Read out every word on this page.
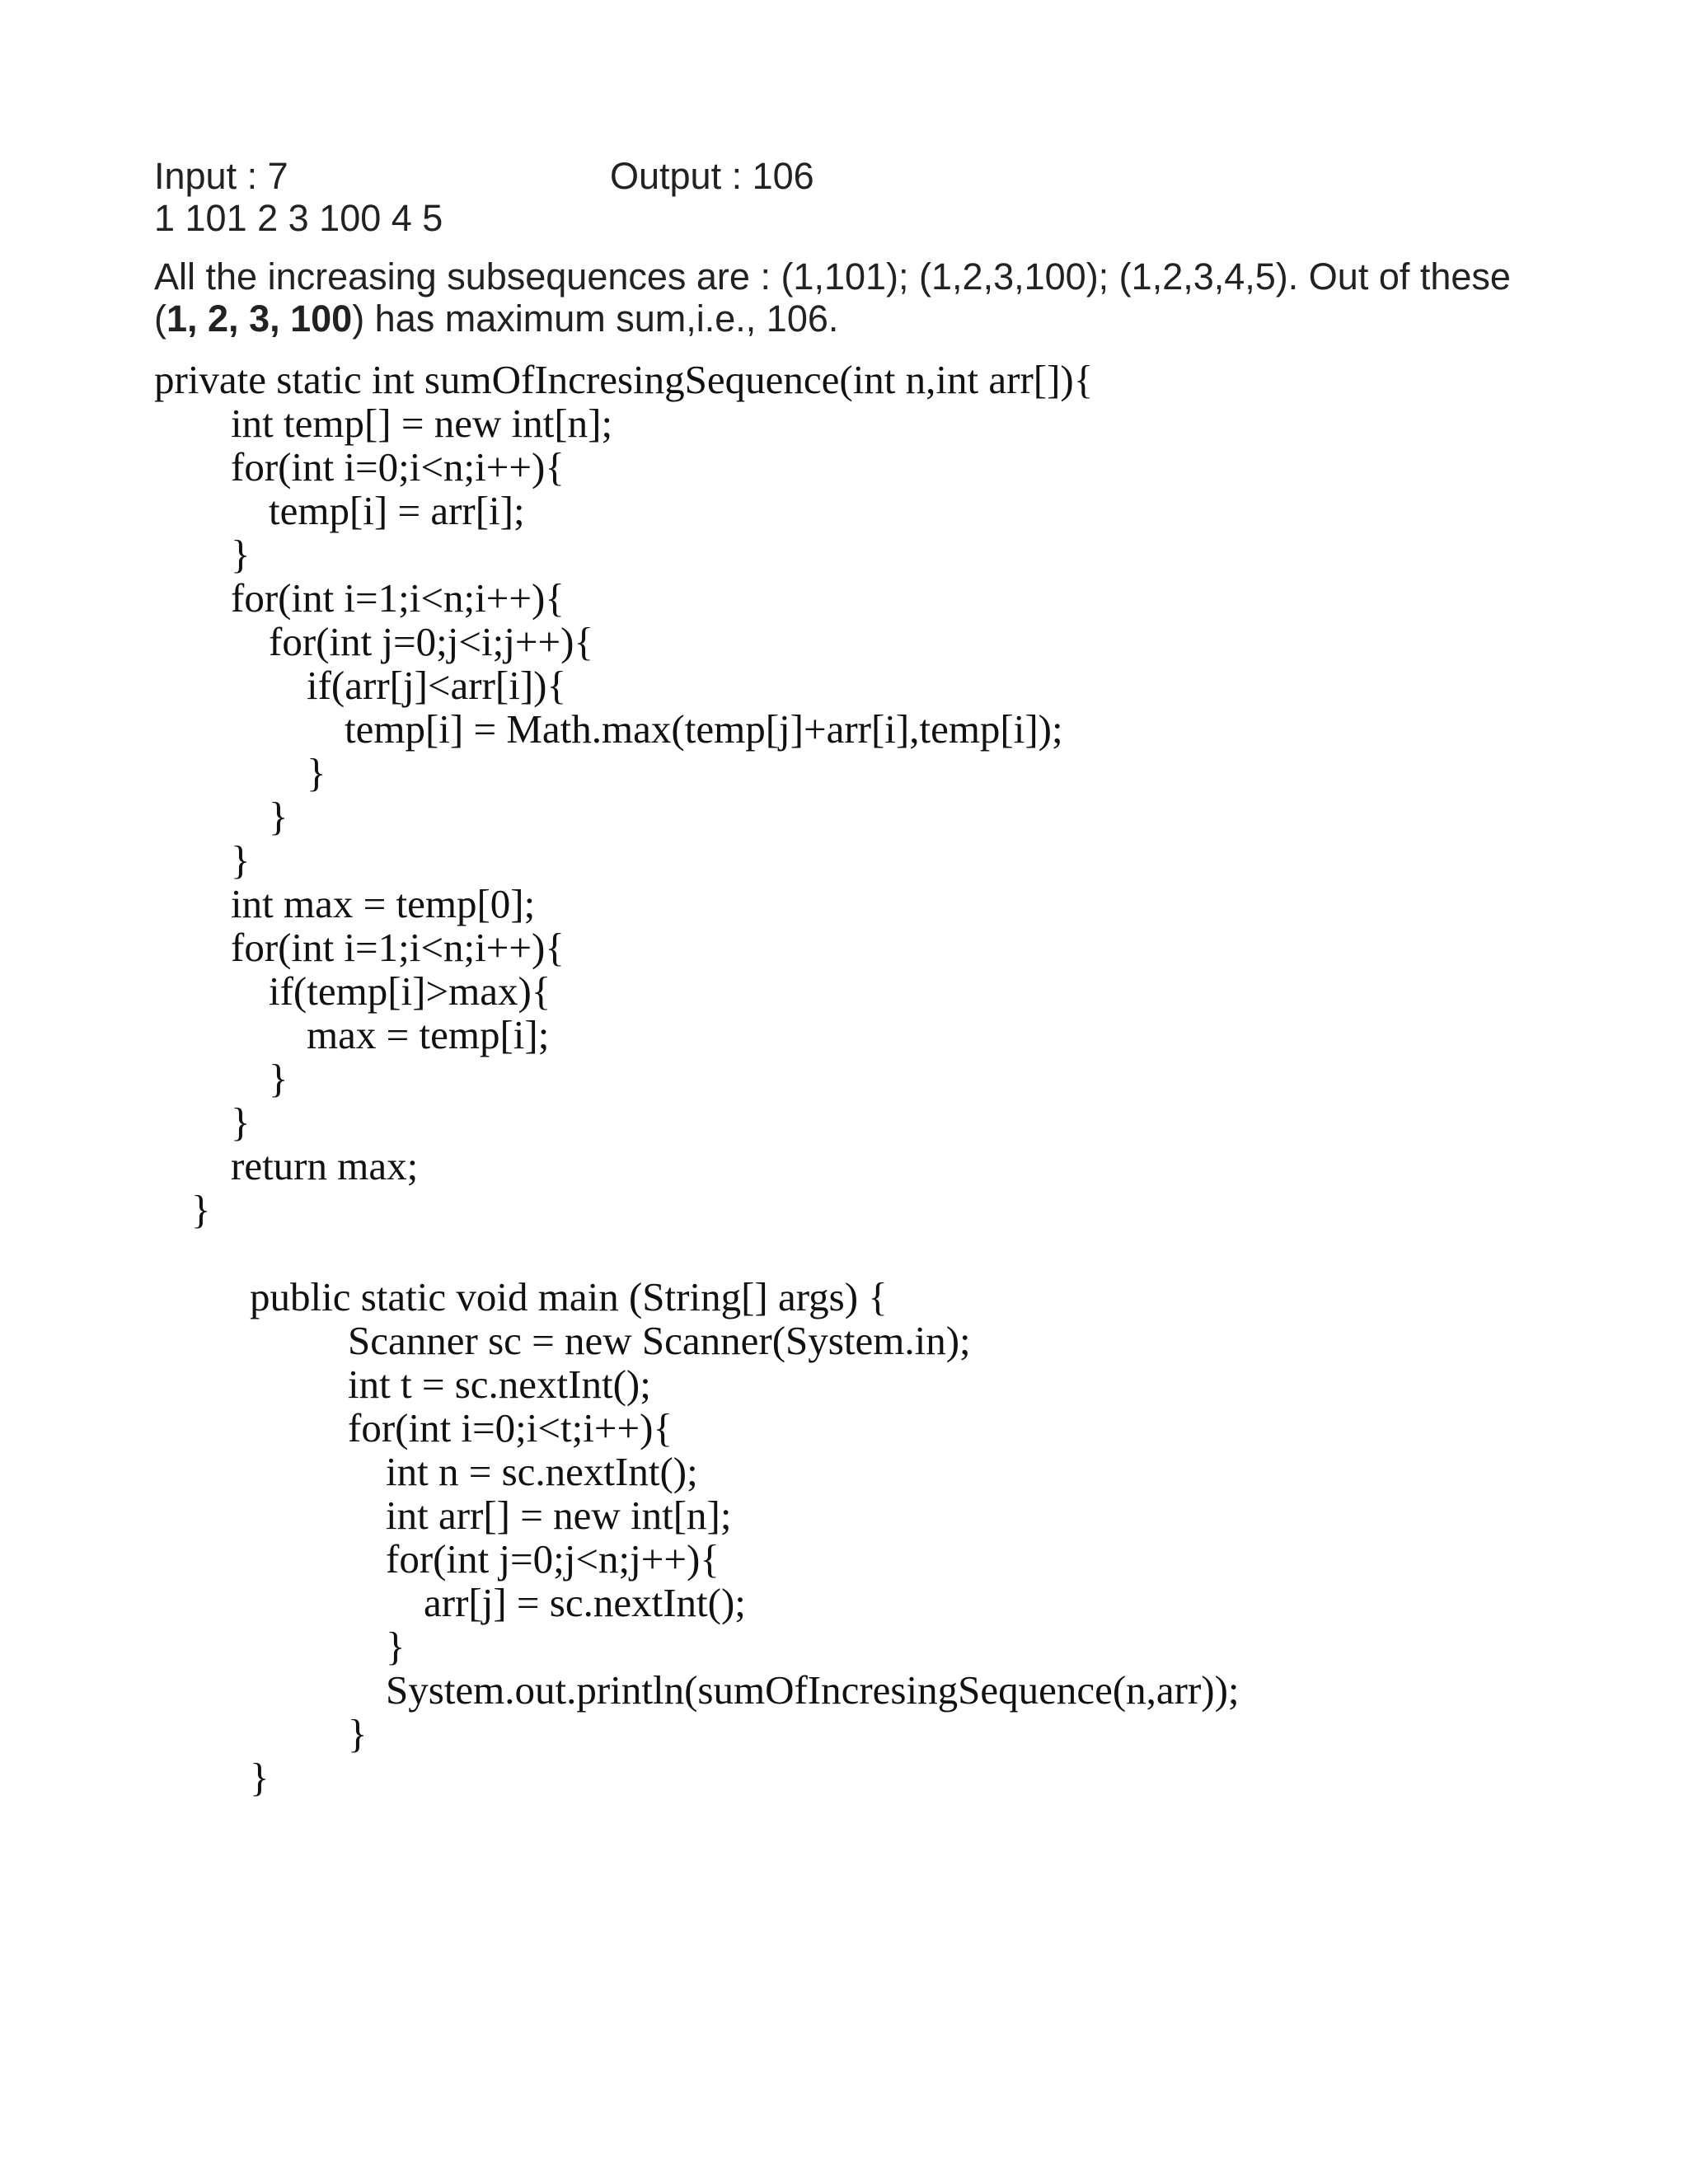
Input : 7	Output : 106
1 101 2 3 100 4 5
All the increasing subsequences are : (1,101); (1,2,3,100); (1,2,3,4,5). Out of these
(1, 2, 3, 100) has maximum sum,i.e., 106.

private static int sumOfIncresingSequence(int n,int arr[]){

int temp[] = new int[n];

for(int i=0;i<n;i++){

temp[i] = arr[i];

}

for(int i=1;i<n;i++){

for(int j=0;j<i;j++){

if(arr[j]<arr[i]){

temp[i] = Math.max(temp[j]+arr[i],temp[i]);

}

}

}

int max = temp[0];

for(int i=1;i<n;i++){

if(temp[i]>max){

max = temp[i];

}

}

return max;

}

public static void main (String[] args) {

Scanner sc = new Scanner(System.in);

int t = sc.nextInt();

for(int i=0;i<t;i++){

int n = sc.nextInt();

int arr[] = new int[n];

for(int j=0;j<n;j++){

arr[j] = sc.nextInt();

}

System.out.println(sumOfIncresingSequence(n,arr));

}

}
